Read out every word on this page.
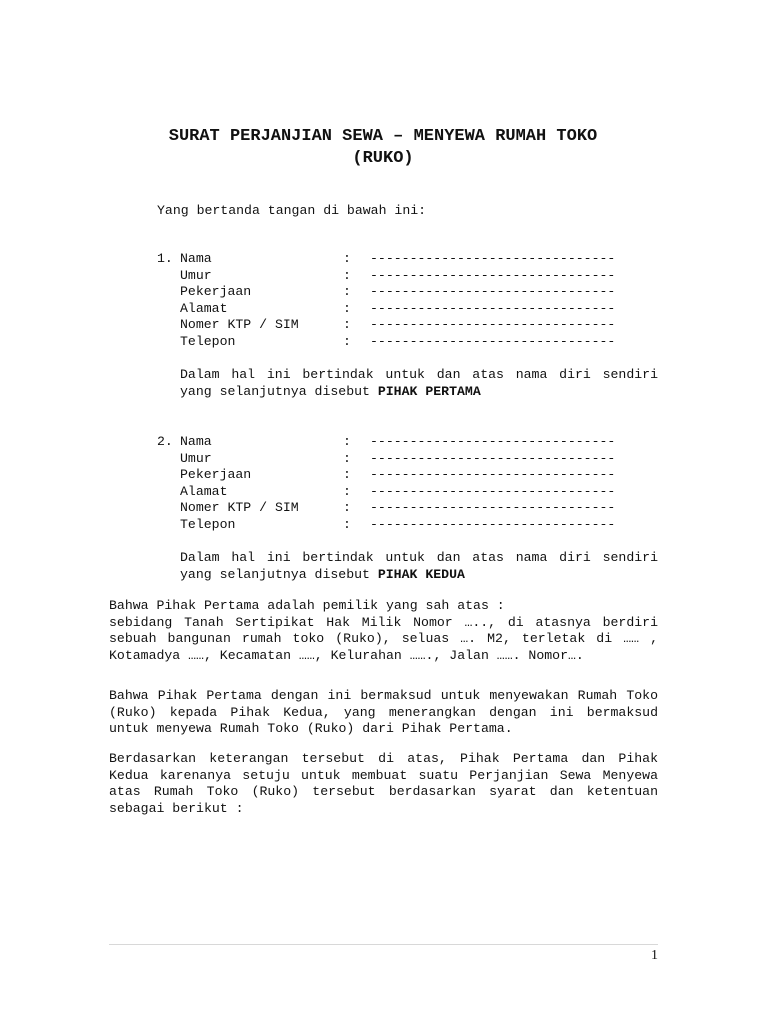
SURAT PERJANJIAN SEWA – MENYEWA RUMAH TOKO
(RUKO)
Yang bertanda tangan di bawah ini:
1. Nama	: -------------------------------
Umur	: -------------------------------
Pekerjaan	: -------------------------------
Alamat	: -------------------------------
Nomer KTP / SIM	: -------------------------------
Telepon	: -------------------------------
Dalam hal ini bertindak untuk dan atas nama diri sendiri yang selanjutnya disebut PIHAK PERTAMA
2. Nama	: -------------------------------
Umur	: -------------------------------
Pekerjaan	: -------------------------------
Alamat	: -------------------------------
Nomer KTP / SIM	: -------------------------------
Telepon	: -------------------------------
Dalam hal ini bertindak untuk dan atas nama diri sendiri yang selanjutnya disebut PIHAK KEDUA
Bahwa Pihak Pertama adalah pemilik yang sah atas :
sebidang Tanah Sertipikat Hak Milik Nomor ….., di atasnya berdiri sebuah bangunan rumah toko (Ruko), seluas …. M2, terletak di …… , Kotamadya ……, Kecamatan ……, Kelurahan ……., Jalan ……. Nomor….

Bahwa Pihak Pertama dengan ini bermaksud untuk menyewakan Rumah Toko (Ruko) kepada Pihak Kedua, yang menerangkan dengan ini bermaksud untuk menyewa Rumah Toko (Ruko) dari Pihak Pertama.

Berdasarkan keterangan tersebut di atas, Pihak Pertama dan Pihak Kedua karenanya setuju untuk membuat suatu Perjanjian Sewa Menyewa atas Rumah Toko (Ruko) tersebut berdasarkan syarat dan ketentuan sebagai berikut :

1
